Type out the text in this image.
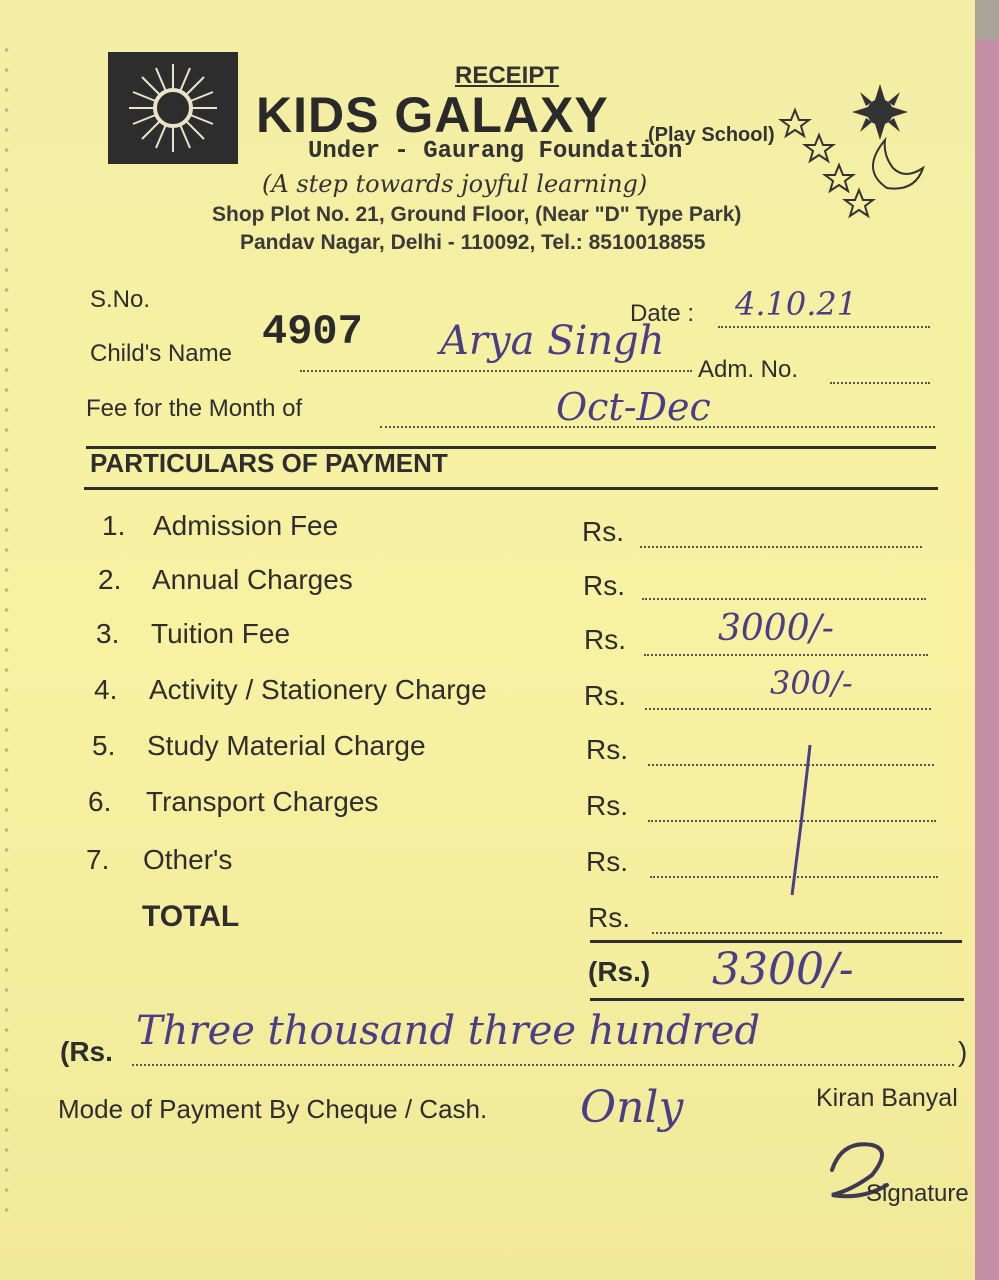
RECEIPT
KIDS GALAXY (Play School)
Under - Gaurang Foundation
(A step towards joyful learning)
Shop Plot No. 21, Ground Floor, (Near "D" Type Park)
Pandav Nagar, Delhi - 110092, Tel.: 8510018855
S.No.
4907	Date : 4.10.21
Child's Name	Arya Singh
Adm. No.
Fee for the Month of	Oct-Dec
PARTICULARS OF PAYMENT
1. Admission Fee	Rs.
2. Annual Charges	Rs.
3. Tuition Fee	Rs.	3000/-
4. Activity / Stationery Charge	Rs.	300/-
5. Study Material Charge	Rs.
6. Transport Charges	Rs.
7. Other's	Rs.
TOTAL	Rs.
(Rs.) 3300/-
(Rs. Three thousand three hundred	)
Mode of Payment By Cheque / Cash. Only	Kiran Banyal
Signature
